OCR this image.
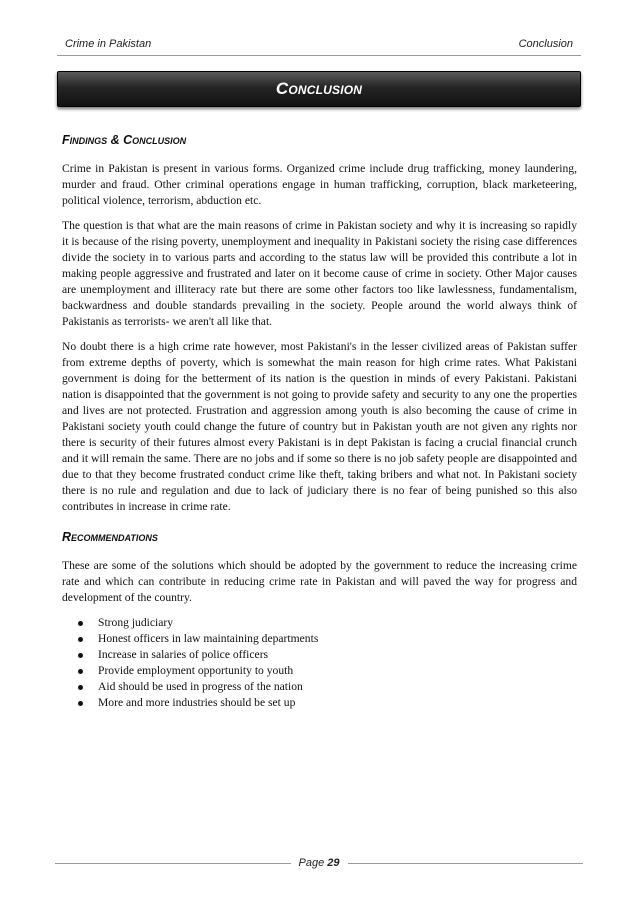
Crime in Pakistan	Conclusion
Conclusion
Findings & Conclusion

Crime in Pakistan is present in various forms. Organized crime include drug trafficking, money laundering, murder and fraud. Other criminal operations engage in human trafficking, corruption, black marketeering, political violence, terrorism, abduction etc.

The question is that what are the main reasons of crime in Pakistan society and why it is increasing so rapidly it is because of the rising poverty, unemployment and inequality in Pakistani society the rising case differences divide the society in to various parts and according to the status law will be provided this contribute a lot in making people aggressive and frustrated and later on it become cause of crime in society. Other Major causes are unemployment and illiteracy rate but there are some other factors too like lawlessness, fundamentalism, backwardness and double standards prevailing in the society. People around the world always think of Pakistanis as terrorists- we aren't all like that.

No doubt there is a high crime rate however, most Pakistani's in the lesser civilized areas of Pakistan suffer from extreme depths of poverty, which is somewhat the main reason for high crime rates. What Pakistani government is doing for the betterment of its nation is the question in minds of every Pakistani. Pakistani nation is disappointed that the government is not going to provide safety and security to any one the properties and lives are not protected. Frustration and aggression among youth is also becoming the cause of crime in Pakistani society youth could change the future of country but in Pakistan youth are not given any rights nor there is security of their futures almost every Pakistani is in dept Pakistan is facing a crucial financial crunch and it will remain the same. There are no jobs and if some so there is no job safety people are disappointed and due to that they become frustrated conduct crime like theft, taking bribers and what not. In Pakistani society there is no rule and regulation and due to lack of judiciary there is no fear of being punished so this also contributes in increase in crime rate.

Recommendations

These are some of the solutions which should be adopted by the government to reduce the increasing crime rate and which can contribute in reducing crime rate in Pakistan and will paved the way for progress and development of the country.

Strong judiciary
Honest officers in law maintaining departments
Increase in salaries of police officers
Provide employment opportunity to youth
Aid should be used in progress of the nation
More and more industries should be set up
Page 29
